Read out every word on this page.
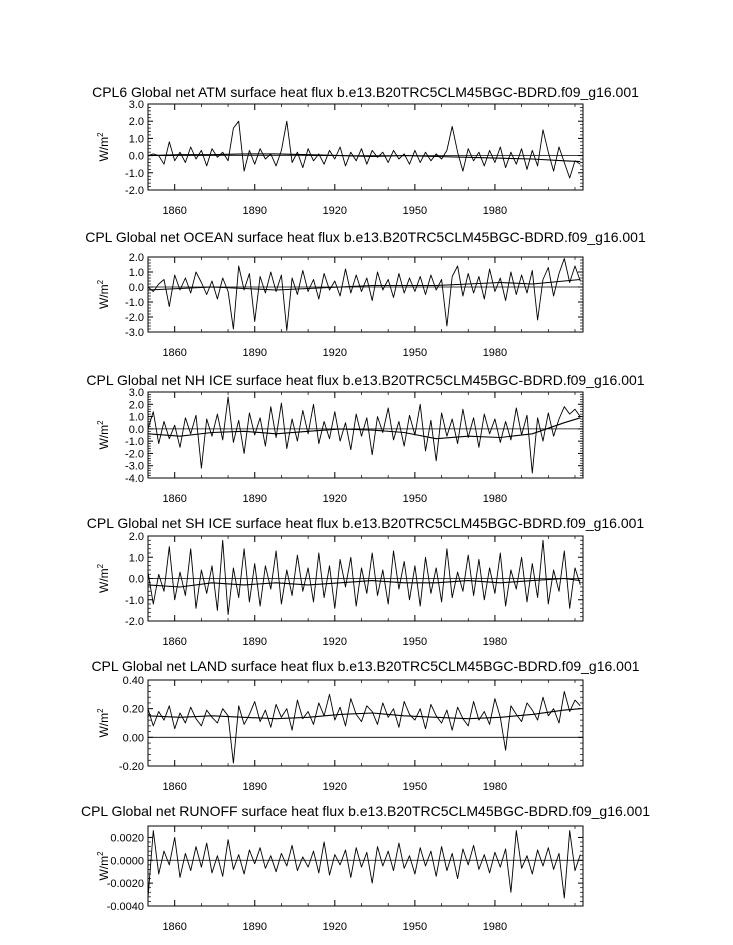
CPL6 Global net ATM surface heat flux b.e13.B20TRC5CLM45BGC-BDRD.f09_g16.001
3.0
2.0
1.0
0.0
-1.0
-2.0
1860	1890	1920	1950	1980
$W/m^2$
CPL Global net OCEAN surface heat flux b.e13.B20TRC5CLM45BGC-BDRD.f09_g16.001
2.0
1.0
0.0
-1.0
-2.0
-3.0
1860	1890	1920	1950	1980
$W/m^2$
CPL Global net NH ICE surface heat flux b.e13.B20TRC5CLM45BGC-BDRD.f09_g16.001
3.0
2.0
1.0
0.0
-1.0
-2.0
-3.0
-4.0
1860	1890	1920	1950	1980
$W/m^2$
CPL Global net SH ICE surface heat flux b.e13.B20TRC5CLM45BGC-BDRD.f09_g16.001
2.0
1.0
0.0
-1.0
-2.0
1860	1890	1920	1950	1980
$W/m^2$
CPL Global net LAND surface heat flux b.e13.B20TRC5CLM45BGC-BDRD.f09_g16.001
0.40
0.20
0.00
-0.20
1860	1890	1920	1950	1980
$W/m^2$
CPL Global net RUNOFF surface heat flux b.e13.B20TRC5CLM45BGC-BDRD.f09_g16.001
0.0020
0.0000
-0.0020
-0.0040
1860	1890	1920	1950	1980
$W/m^2$
